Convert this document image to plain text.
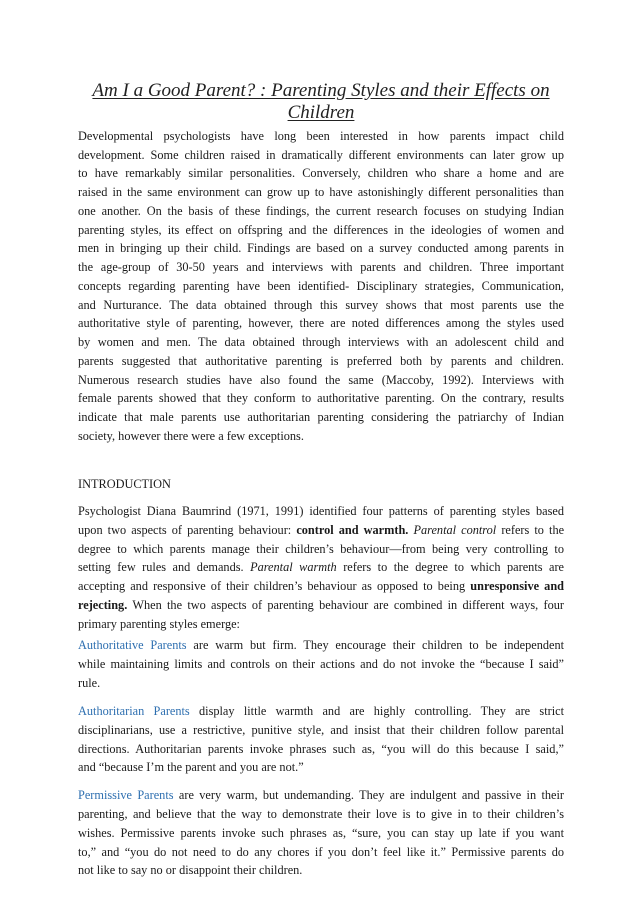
Am I a Good Parent? : Parenting Styles and their Effects on
Children
Developmental psychologists have long been interested in how parents impact child
development. Some children raised in dramatically different environments can later grow up
to have remarkably similar personalities. Conversely, children who share a home and are
raised in the same environment can grow up to have astonishingly different personalities than
one another. On the basis of these findings, the current research focuses on studying Indian
parenting styles, its effect on offspring and the differences in the ideologies of women and
men in bringing up their child. Findings are based on a survey conducted among parents in
the age-group of 30-50 years and interviews with parents and children. Three important
concepts regarding parenting have been identified- Disciplinary strategies, Communication,
and Nurturance. The data obtained through this survey shows that most parents use the
authoritative style of parenting, however, there are noted differences among the styles used
by women and men. The data obtained through interviews with an adolescent child and
parents suggested that authoritative parenting is preferred both by parents and children.
Numerous research studies have also found the same (Maccoby, 1992). Interviews with
female parents showed that they conform to authoritative parenting. On the contrary, results
indicate that male parents use authoritarian parenting considering the patriarchy of Indian
society, however there were a few exceptions.
INTRODUCTION
Psychologist Diana Baumrind (1971, 1991) identified four patterns of parenting styles based
upon two aspects of parenting behaviour: control and warmth. Parental control refers to the
degree to which parents manage their children’s behaviour—from being very controlling to
setting few rules and demands. Parental warmth refers to the degree to which parents are
accepting and responsive of their children’s behaviour as opposed to being unresponsive and
rejecting. When the two aspects of parenting behaviour are combined in different ways, four
primary parenting styles emerge:
Authoritative Parents are warm but firm. They encourage their children to be independent
while maintaining limits and controls on their actions and do not invoke the “because I said”
rule.
Authoritarian Parents display little warmth and are highly controlling. They are strict
disciplinarians, use a restrictive, punitive style, and insist that their children follow parental
directions. Authoritarian parents invoke phrases such as, “you will do this because I said,”
and “because I’m the parent and you are not.”
Permissive Parents are very warm, but undemanding. They are indulgent and passive in their
parenting, and believe that the way to demonstrate their love is to give in to their children’s
wishes. Permissive parents invoke such phrases as, “sure, you can stay up late if you want
to,” and “you do not need to do any chores if you don’t feel like it.” Permissive parents do
not like to say no or disappoint their children.
